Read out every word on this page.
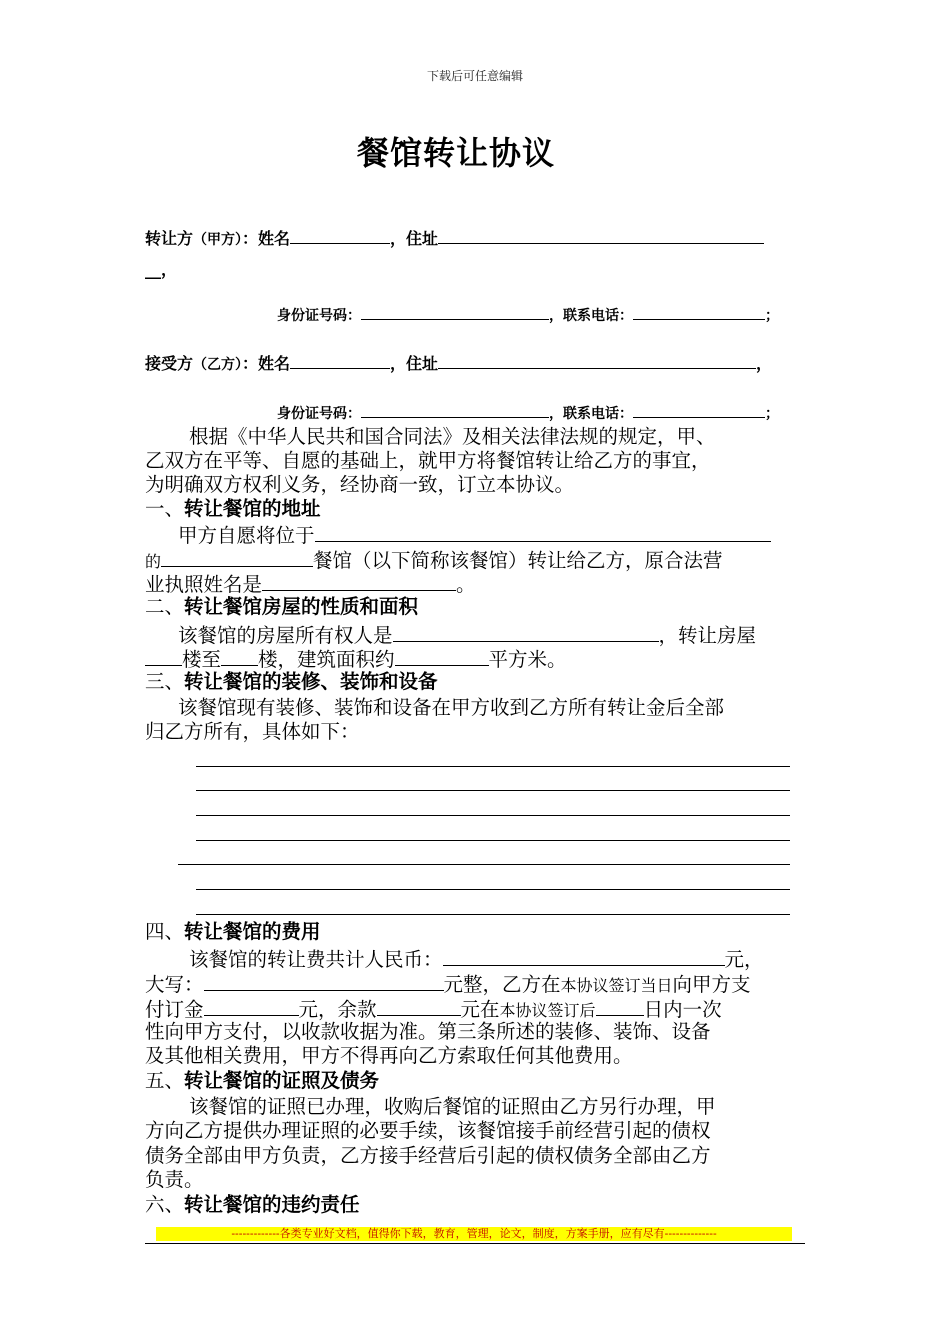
下载后可任意编辑
餐馆转让协议
转让方（甲方）：姓名	，住址
__，
身份证号码：	，联系电话：	；
接受方（乙方）：姓名	，住址	，
身份证号码：	，联系电话：	；
根据《中华人民共和国合同法》及相关法律法规的规定，甲、
乙双方在平等、自愿的基础上，就甲方将餐馆转让给乙方的事宜，
为明确双方权利义务，经协商一致，订立本协议。
一、转让餐馆的地址
甲方自愿将位于
的	餐馆（以下简称该餐馆）转让给乙方，原合法营
业执照姓名是	。
二、转让餐馆房屋的性质和面积
该餐馆的房屋所有权人是	，转让房屋
楼至 楼，建筑面积约	平方米。
三、转让餐馆的装修、装饰和设备
该餐馆现有装修、装饰和设备在甲方收到乙方所有转让金后全部
归乙方所有，具体如下：
四、转让餐馆的费用
该餐馆的转让费共计人民币：	元，
大写：	元整，乙方在本协议签订当日向甲方支
付订金	元，余款	元在本协议签订后 日内一次
性向甲方支付，以收款收据为准。第三条所述的装修、装饰、设备
及其他相关费用，甲方不得再向乙方索取任何其他费用。
五、转让餐馆的证照及债务
该餐馆的证照已办理，收购后餐馆的证照由乙方另行办理，甲
方向乙方提供办理证照的必要手续，该餐馆接手前经营引起的债权
债务全部由甲方负责，乙方接手经营后引起的债权债务全部由乙方
负责。
六、转让餐馆的违约责任
-------------各类专业好文档，值得你下载，教育，管理，论文，制度，方案手册，应有尽有--------------
